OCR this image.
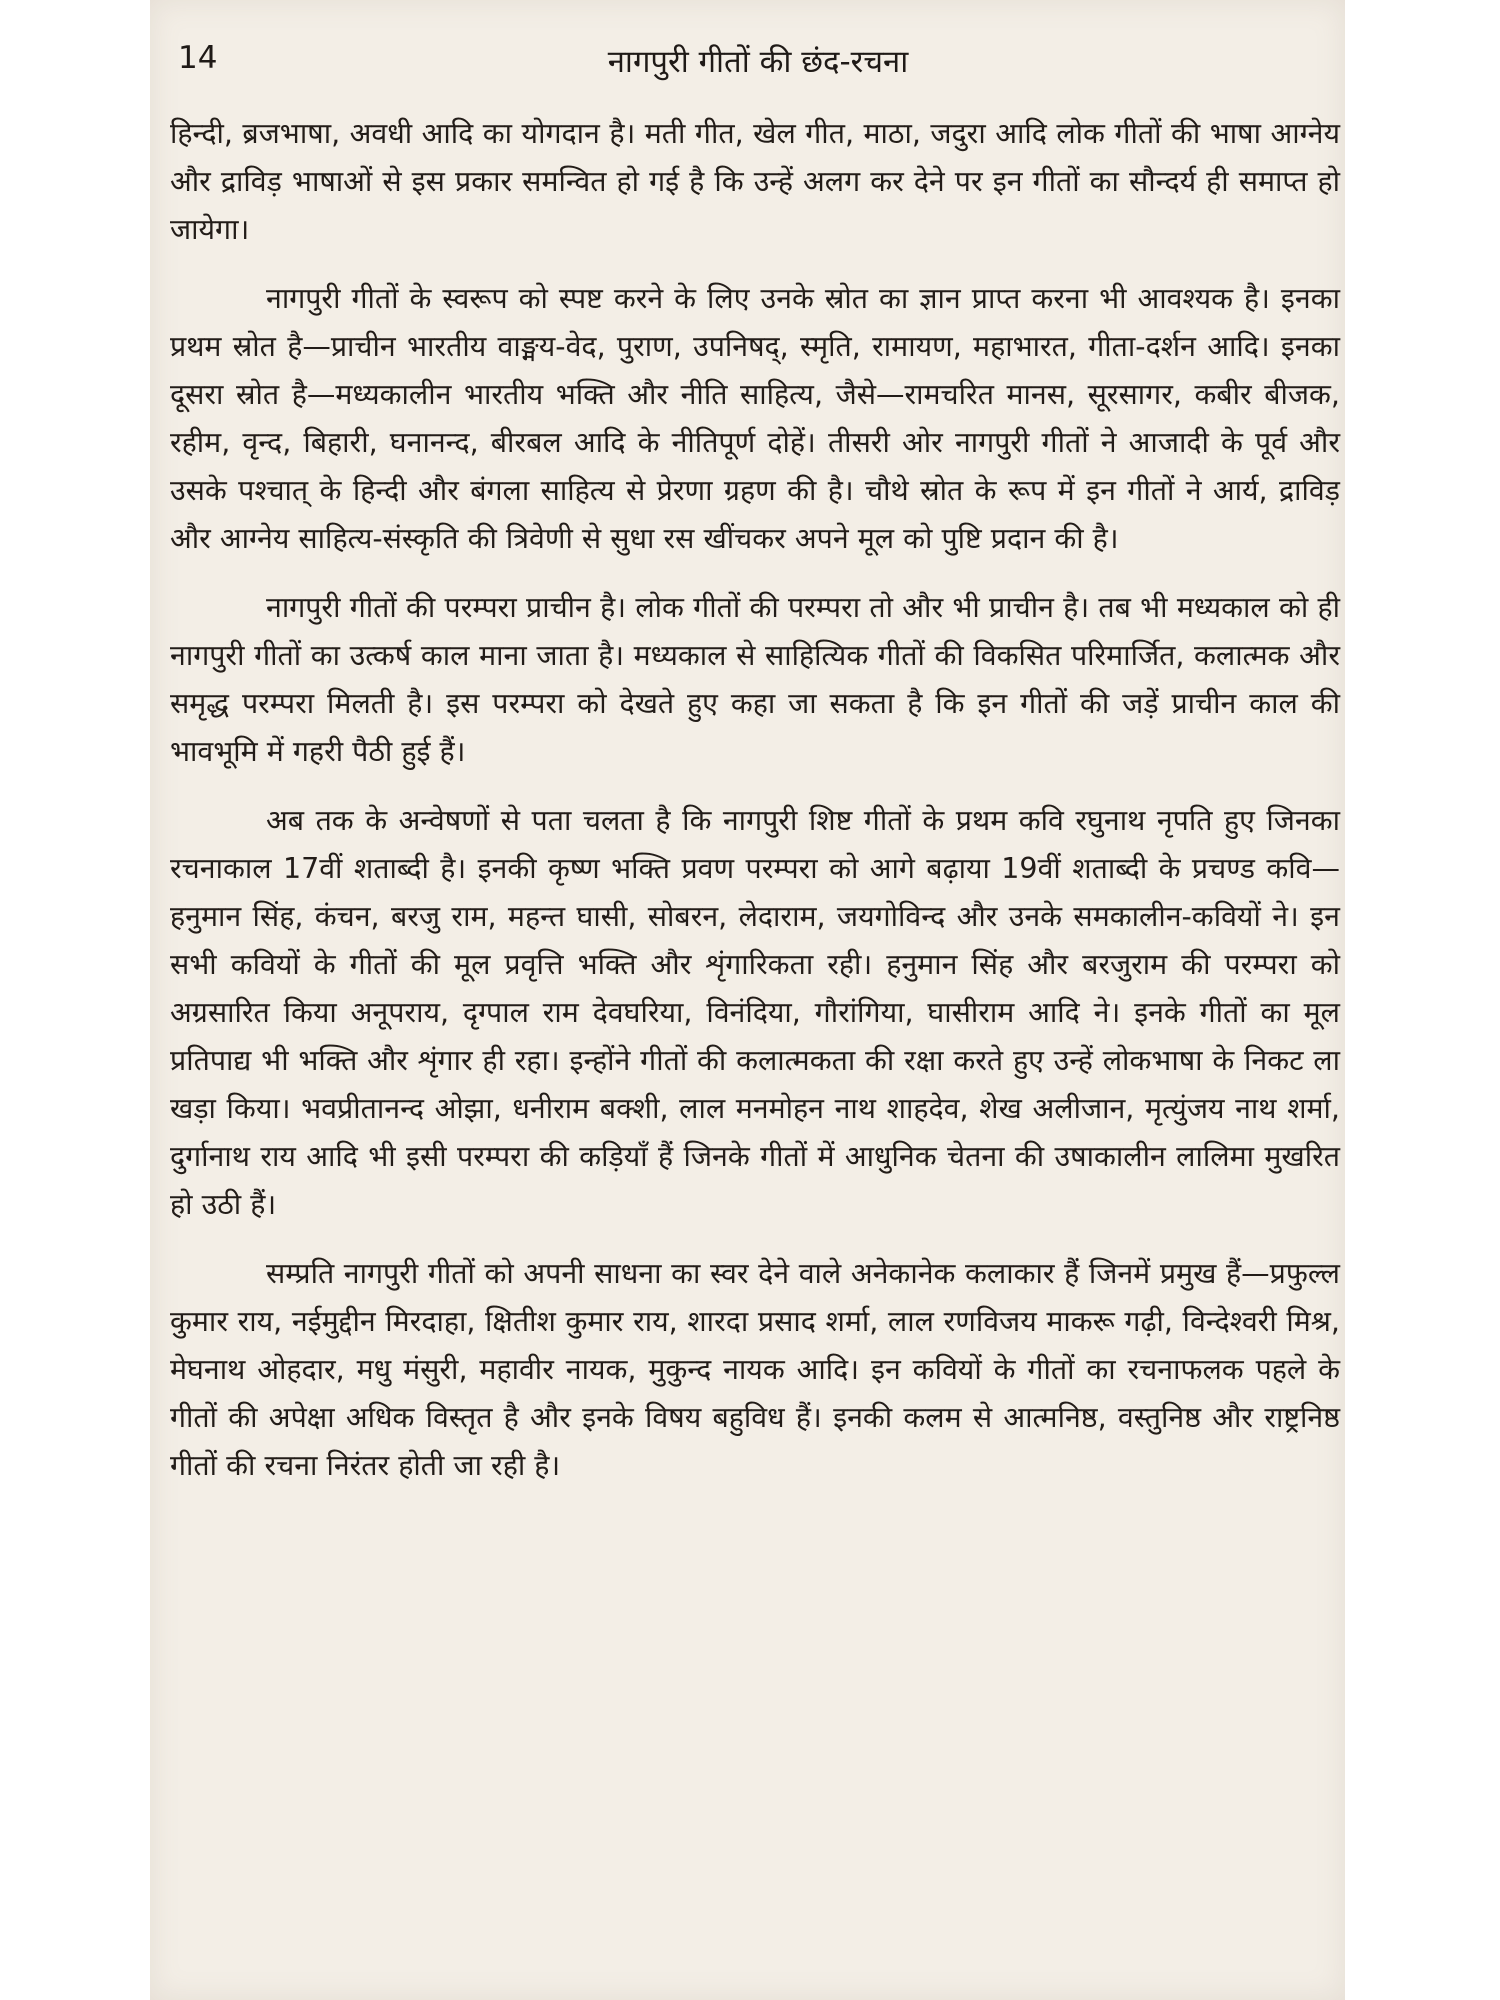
14	नागपुरी गीतों की छंद-रचना

हिन्दी, ब्रजभाषा, अवधी आदि का योगदान है। मती गीत, खेल गीत, माठा, जदुरा आदि लोक गीतों की भाषा आग्नेय और द्राविड़ भाषाओं से इस प्रकार समन्वित हो गई है कि उन्हें अलग कर देने पर इन गीतों का सौन्दर्य ही समाप्त हो जायेगा।

नागपुरी गीतों के स्वरूप को स्पष्ट करने के लिए उनके स्रोत का ज्ञान प्राप्त करना भी आवश्यक है। इनका प्रथम स्रोत है—प्राचीन भारतीय वाङ्मय-वेद, पुराण, उपनिषद्, स्मृति, रामायण, महाभारत, गीता-दर्शन आदि। इनका दूसरा स्रोत है—मध्यकालीन भारतीय भक्ति और नीति साहित्य, जैसे—रामचरित मानस, सूरसागर, कबीर बीजक, रहीम, वृन्द, बिहारी, घनानन्द, बीरबल आदि के नीतिपूर्ण दोहें। तीसरी ओर नागपुरी गीतों ने आजादी के पूर्व और उसके पश्चात् के हिन्दी और बंगला साहित्य से प्रेरणा ग्रहण की है। चौथे स्रोत के रूप में इन गीतों ने आर्य, द्राविड़ और आग्नेय साहित्य-संस्कृति की त्रिवेणी से सुधा रस खींचकर अपने मूल को पुष्टि प्रदान की है।

नागपुरी गीतों की परम्परा प्राचीन है। लोक गीतों की परम्परा तो और भी प्राचीन है। तब भी मध्यकाल को ही नागपुरी गीतों का उत्कर्ष काल माना जाता है। मध्यकाल से साहित्यिक गीतों की विकसित परिमार्जित, कलात्मक और समृद्ध परम्परा मिलती है। इस परम्परा को देखते हुए कहा जा सकता है कि इन गीतों की जड़ें प्राचीन काल की भावभूमि में गहरी पैठी हुई हैं।

अब तक के अन्वेषणों से पता चलता है कि नागपुरी शिष्ट गीतों के प्रथम कवि रघुनाथ नृपति हुए जिनका रचनाकाल 17वीं शताब्दी है। इनकी कृष्ण भक्ति प्रवण परम्परा को आगे बढ़ाया 19वीं शताब्दी के प्रचण्ड कवि—हनुमान सिंह, कंचन, बरजु राम, महन्त घासी, सोबरन, लेदाराम, जयगोविन्द और उनके समकालीन-कवियों ने। इन सभी कवियों के गीतों की मूल प्रवृत्ति भक्ति और शृंगारिकता रही। हनुमान सिंह और बरजुराम की परम्परा को अग्रसारित किया अनूपराय, दृग्पाल राम देवघरिया, विनंदिया, गौरांगिया, घासीराम आदि ने। इनके गीतों का मूल प्रतिपाद्य भी भक्ति और शृंगार ही रहा। इन्होंने गीतों की कलात्मकता की रक्षा करते हुए उन्हें लोकभाषा के निकट ला खड़ा किया। भवप्रीतानन्द ओझा, धनीराम बक्शी, लाल मनमोहन नाथ शाहदेव, शेख अलीजान, मृत्युंजय नाथ शर्मा, दुर्गानाथ राय आदि भी इसी परम्परा की कड़ियाँ हैं जिनके गीतों में आधुनिक चेतना की उषाकालीन लालिमा मुखरित हो उठी हैं।

सम्प्रति नागपुरी गीतों को अपनी साधना का स्वर देने वाले अनेकानेक कलाकार हैं जिनमें प्रमुख हैं—प्रफुल्ल कुमार राय, नईमुद्दीन मिरदाहा, क्षितीश कुमार राय, शारदा प्रसाद शर्मा, लाल रणविजय माकरू गढ़ी, विन्देश्वरी मिश्र, मेघनाथ ओहदार, मधु मंसुरी, महावीर नायक, मुकुन्द नायक आदि। इन कवियों के गीतों का रचनाफलक पहले के गीतों की अपेक्षा अधिक विस्तृत है और इनके विषय बहुविध हैं। इनकी कलम से आत्मनिष्ठ, वस्तुनिष्ठ और राष्ट्रनिष्ठ गीतों की रचना निरंतर होती जा रही है।
